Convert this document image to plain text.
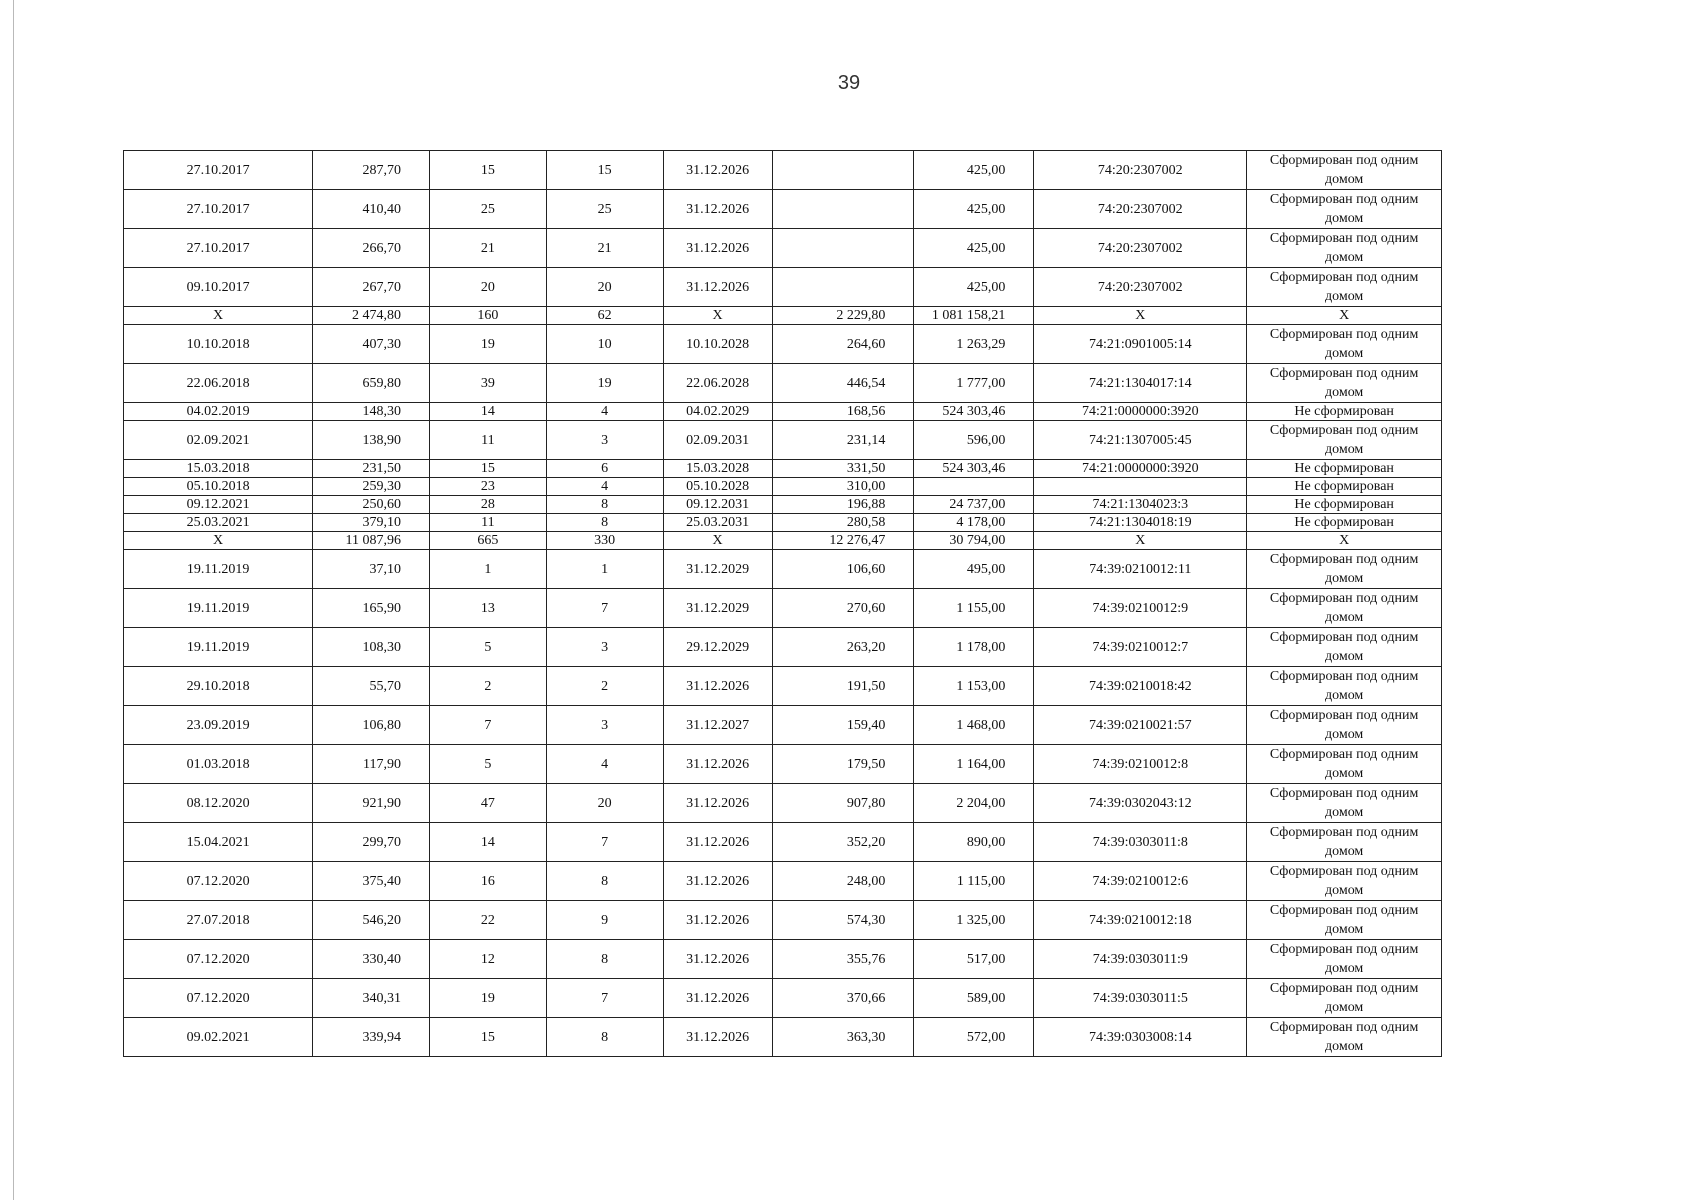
39
27.10.2017	287,70	15	15	31.12.2026		425,00	74:20:2307002	Сформирован под одним домом
27.10.2017	410,40	25	25	31.12.2026		425,00	74:20:2307002	Сформирован под одним домом
27.10.2017	266,70	21	21	31.12.2026		425,00	74:20:2307002	Сформирован под одним домом
09.10.2017	267,70	20	20	31.12.2026		425,00	74:20:2307002	Сформирован под одним домом
X	2 474,80	160	62	X	2 229,80	1 081 158,21	X	X
10.10.2018	407,30	19	10	10.10.2028	264,60	1 263,29	74:21:0901005:14	Сформирован под одним домом
22.06.2018	659,80	39	19	22.06.2028	446,54	1 777,00	74:21:1304017:14	Сформирован под одним домом
04.02.2019	148,30	14	4	04.02.2029	168,56	524 303,46	74:21:0000000:3920	Не сформирован
02.09.2021	138,90	11	3	02.09.2031	231,14	596,00	74:21:1307005:45	Сформирован под одним домом
15.03.2018	231,50	15	6	15.03.2028	331,50	524 303,46	74:21:0000000:3920	Не сформирован
05.10.2018	259,30	23	4	05.10.2028	310,00			Не сформирован
09.12.2021	250,60	28	8	09.12.2031	196,88	24 737,00	74:21:1304023:3	Не сформирован
25.03.2021	379,10	11	8	25.03.2031	280,58	4 178,00	74:21:1304018:19	Не сформирован
X	11 087,96	665	330	X	12 276,47	30 794,00	X	X
19.11.2019	37,10	1	1	31.12.2029	106,60	495,00	74:39:0210012:11	Сформирован под одним домом
19.11.2019	165,90	13	7	31.12.2029	270,60	1 155,00	74:39:0210012:9	Сформирован под одним домом
19.11.2019	108,30	5	3	29.12.2029	263,20	1 178,00	74:39:0210012:7	Сформирован под одним домом
29.10.2018	55,70	2	2	31.12.2026	191,50	1 153,00	74:39:0210018:42	Сформирован под одним домом
23.09.2019	106,80	7	3	31.12.2027	159,40	1 468,00	74:39:0210021:57	Сформирован под одним домом
01.03.2018	117,90	5	4	31.12.2026	179,50	1 164,00	74:39:0210012:8	Сформирован под одним домом
08.12.2020	921,90	47	20	31.12.2026	907,80	2 204,00	74:39:0302043:12	Сформирован под одним домом
15.04.2021	299,70	14	7	31.12.2026	352,20	890,00	74:39:0303011:8	Сформирован под одним домом
07.12.2020	375,40	16	8	31.12.2026	248,00	1 115,00	74:39:0210012:6	Сформирован под одним домом
27.07.2018	546,20	22	9	31.12.2026	574,30	1 325,00	74:39:0210012:18	Сформирован под одним домом
07.12.2020	330,40	12	8	31.12.2026	355,76	517,00	74:39:0303011:9	Сформирован под одним домом
07.12.2020	340,31	19	7	31.12.2026	370,66	589,00	74:39:0303011:5	Сформирован под одним домом
09.02.2021	339,94	15	8	31.12.2026	363,30	572,00	74:39:0303008:14	Сформирован под одним домом
